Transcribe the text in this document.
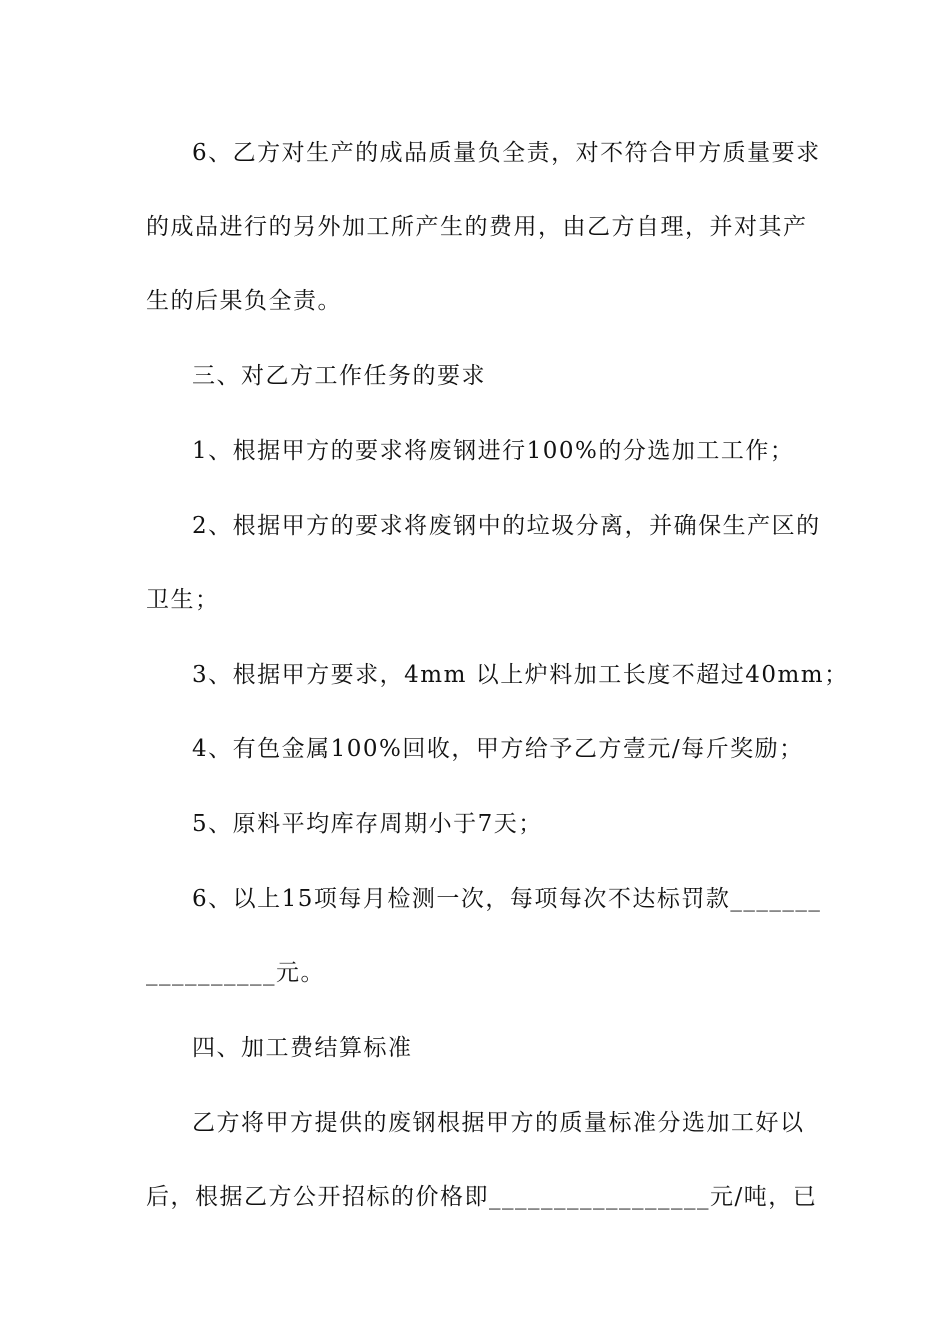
6、乙方对生产的成品质量负全责，对不符合甲方质量要求
的成品进行的另外加工所产生的费用，由乙方自理，并对其产
生的后果负全责。
三、对乙方工作任务的要求
1、根据甲方的要求将废钢进行100%的分选加工工作；
2、根据甲方的要求将废钢中的垃圾分离，并确保生产区的
卫生；
3、根据甲方要求，4mm 以上炉料加工长度不超过40mm；
4、有色金属100%回收，甲方给予乙方壹元/每斤奖励；
5、原料平均库存周期小于7天；
6、以上15项每月检测一次，每项每次不达标罚款_______
__________元。
四、加工费结算标准
乙方将甲方提供的废钢根据甲方的质量标准分选加工好以
后，根据乙方公开招标的价格即_________________元/吨，已
